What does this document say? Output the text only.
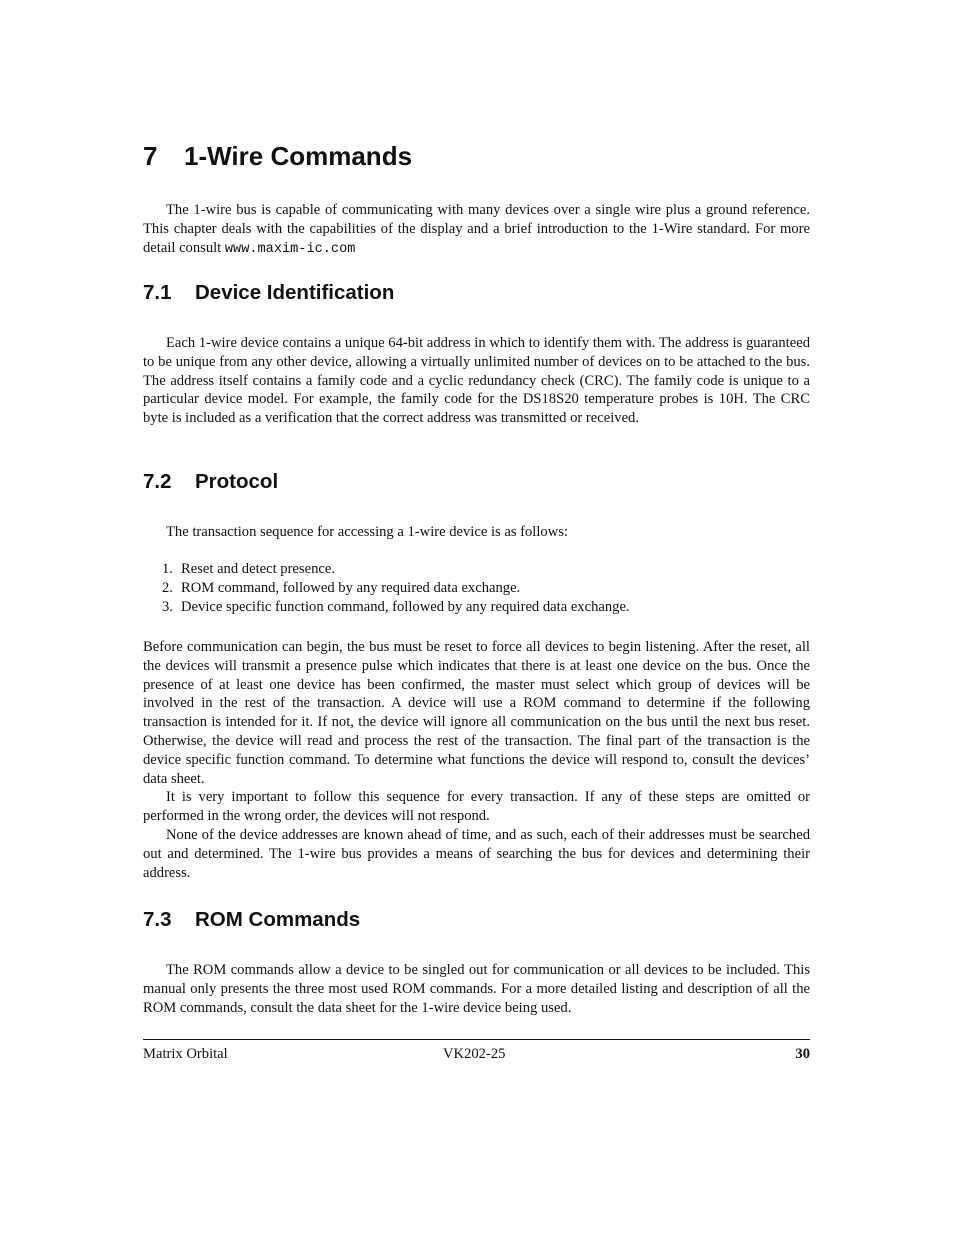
7 1-Wire Commands

The 1-wire bus is capable of communicating with many devices over a single wire plus a ground reference. This chapter deals with the capabilities of the display and a brief introduction to the 1-Wire standard. For more detail consult www.maxim-ic.com

7.1 Device Identification

Each 1-wire device contains a unique 64-bit address in which to identify them with. The address is guaranteed to be unique from any other device, allowing a virtually unlimited number of devices on to be attached to the bus. The address itself contains a family code and a cyclic redundancy check (CRC). The family code is unique to a particular device model. For example, the family code for the DS18S20 temperature probes is 10H. The CRC byte is included as a verification that the correct address was transmitted or received.

7.2 Protocol

The transaction sequence for accessing a 1-wire device is as follows:

1. Reset and detect presence.
2. ROM command, followed by any required data exchange.
3. Device specific function command, followed by any required data exchange.

Before communication can begin, the bus must be reset to force all devices to begin listening. After the reset, all the devices will transmit a presence pulse which indicates that there is at least one device on the bus. Once the presence of at least one device has been confirmed, the master must select which group of devices will be involved in the rest of the transaction. A device will use a ROM command to determine if the following transaction is intended for it. If not, the device will ignore all communication on the bus until the next bus reset. Otherwise, the device will read and process the rest of the transaction. The final part of the transaction is the device specific function command. To determine what functions the device will respond to, consult the devices’ data sheet.

It is very important to follow this sequence for every transaction. If any of these steps are omitted or performed in the wrong order, the devices will not respond.

None of the device addresses are known ahead of time, and as such, each of their addresses must be searched out and determined. The 1-wire bus provides a means of searching the bus for devices and determining their address.

7.3 ROM Commands

The ROM commands allow a device to be singled out for communication or all devices to be included. This manual only presents the three most used ROM commands. For a more detailed listing and description of all the ROM commands, consult the data sheet for the 1-wire device being used.

Matrix Orbital	VK202-25	30
